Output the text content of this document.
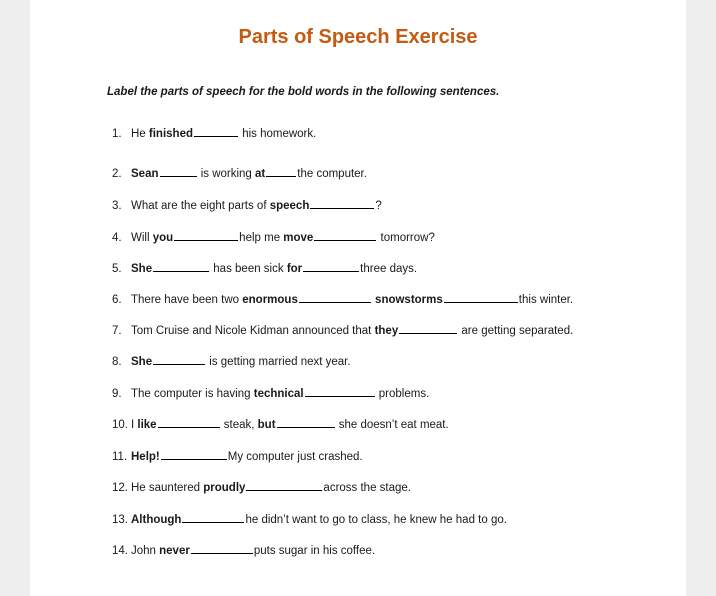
Parts of Speech Exercise
Label the parts of speech for the bold words in the following sentences.
1. He finished	his homework.
2. Sean	is working at	the computer.
3. What are the eight parts of speech	?
4. Will you	help me move	tomorrow?
5. She	has been sick for	three days.
6. There have been two enormous	snowstorms	this winter.
7. Tom Cruise and Nicole Kidman announced that they	are getting separated.
8. She	is getting married next year.
9. The computer is having technical	problems.
10. I like	steak, but	she doesn’t eat meat.
11. Help!	My computer just crashed.
12. He sauntered proudly	across the stage.
13. Although	he didn’t want to go to class, he knew he had to go.
14. John never	puts sugar in his coffee.
